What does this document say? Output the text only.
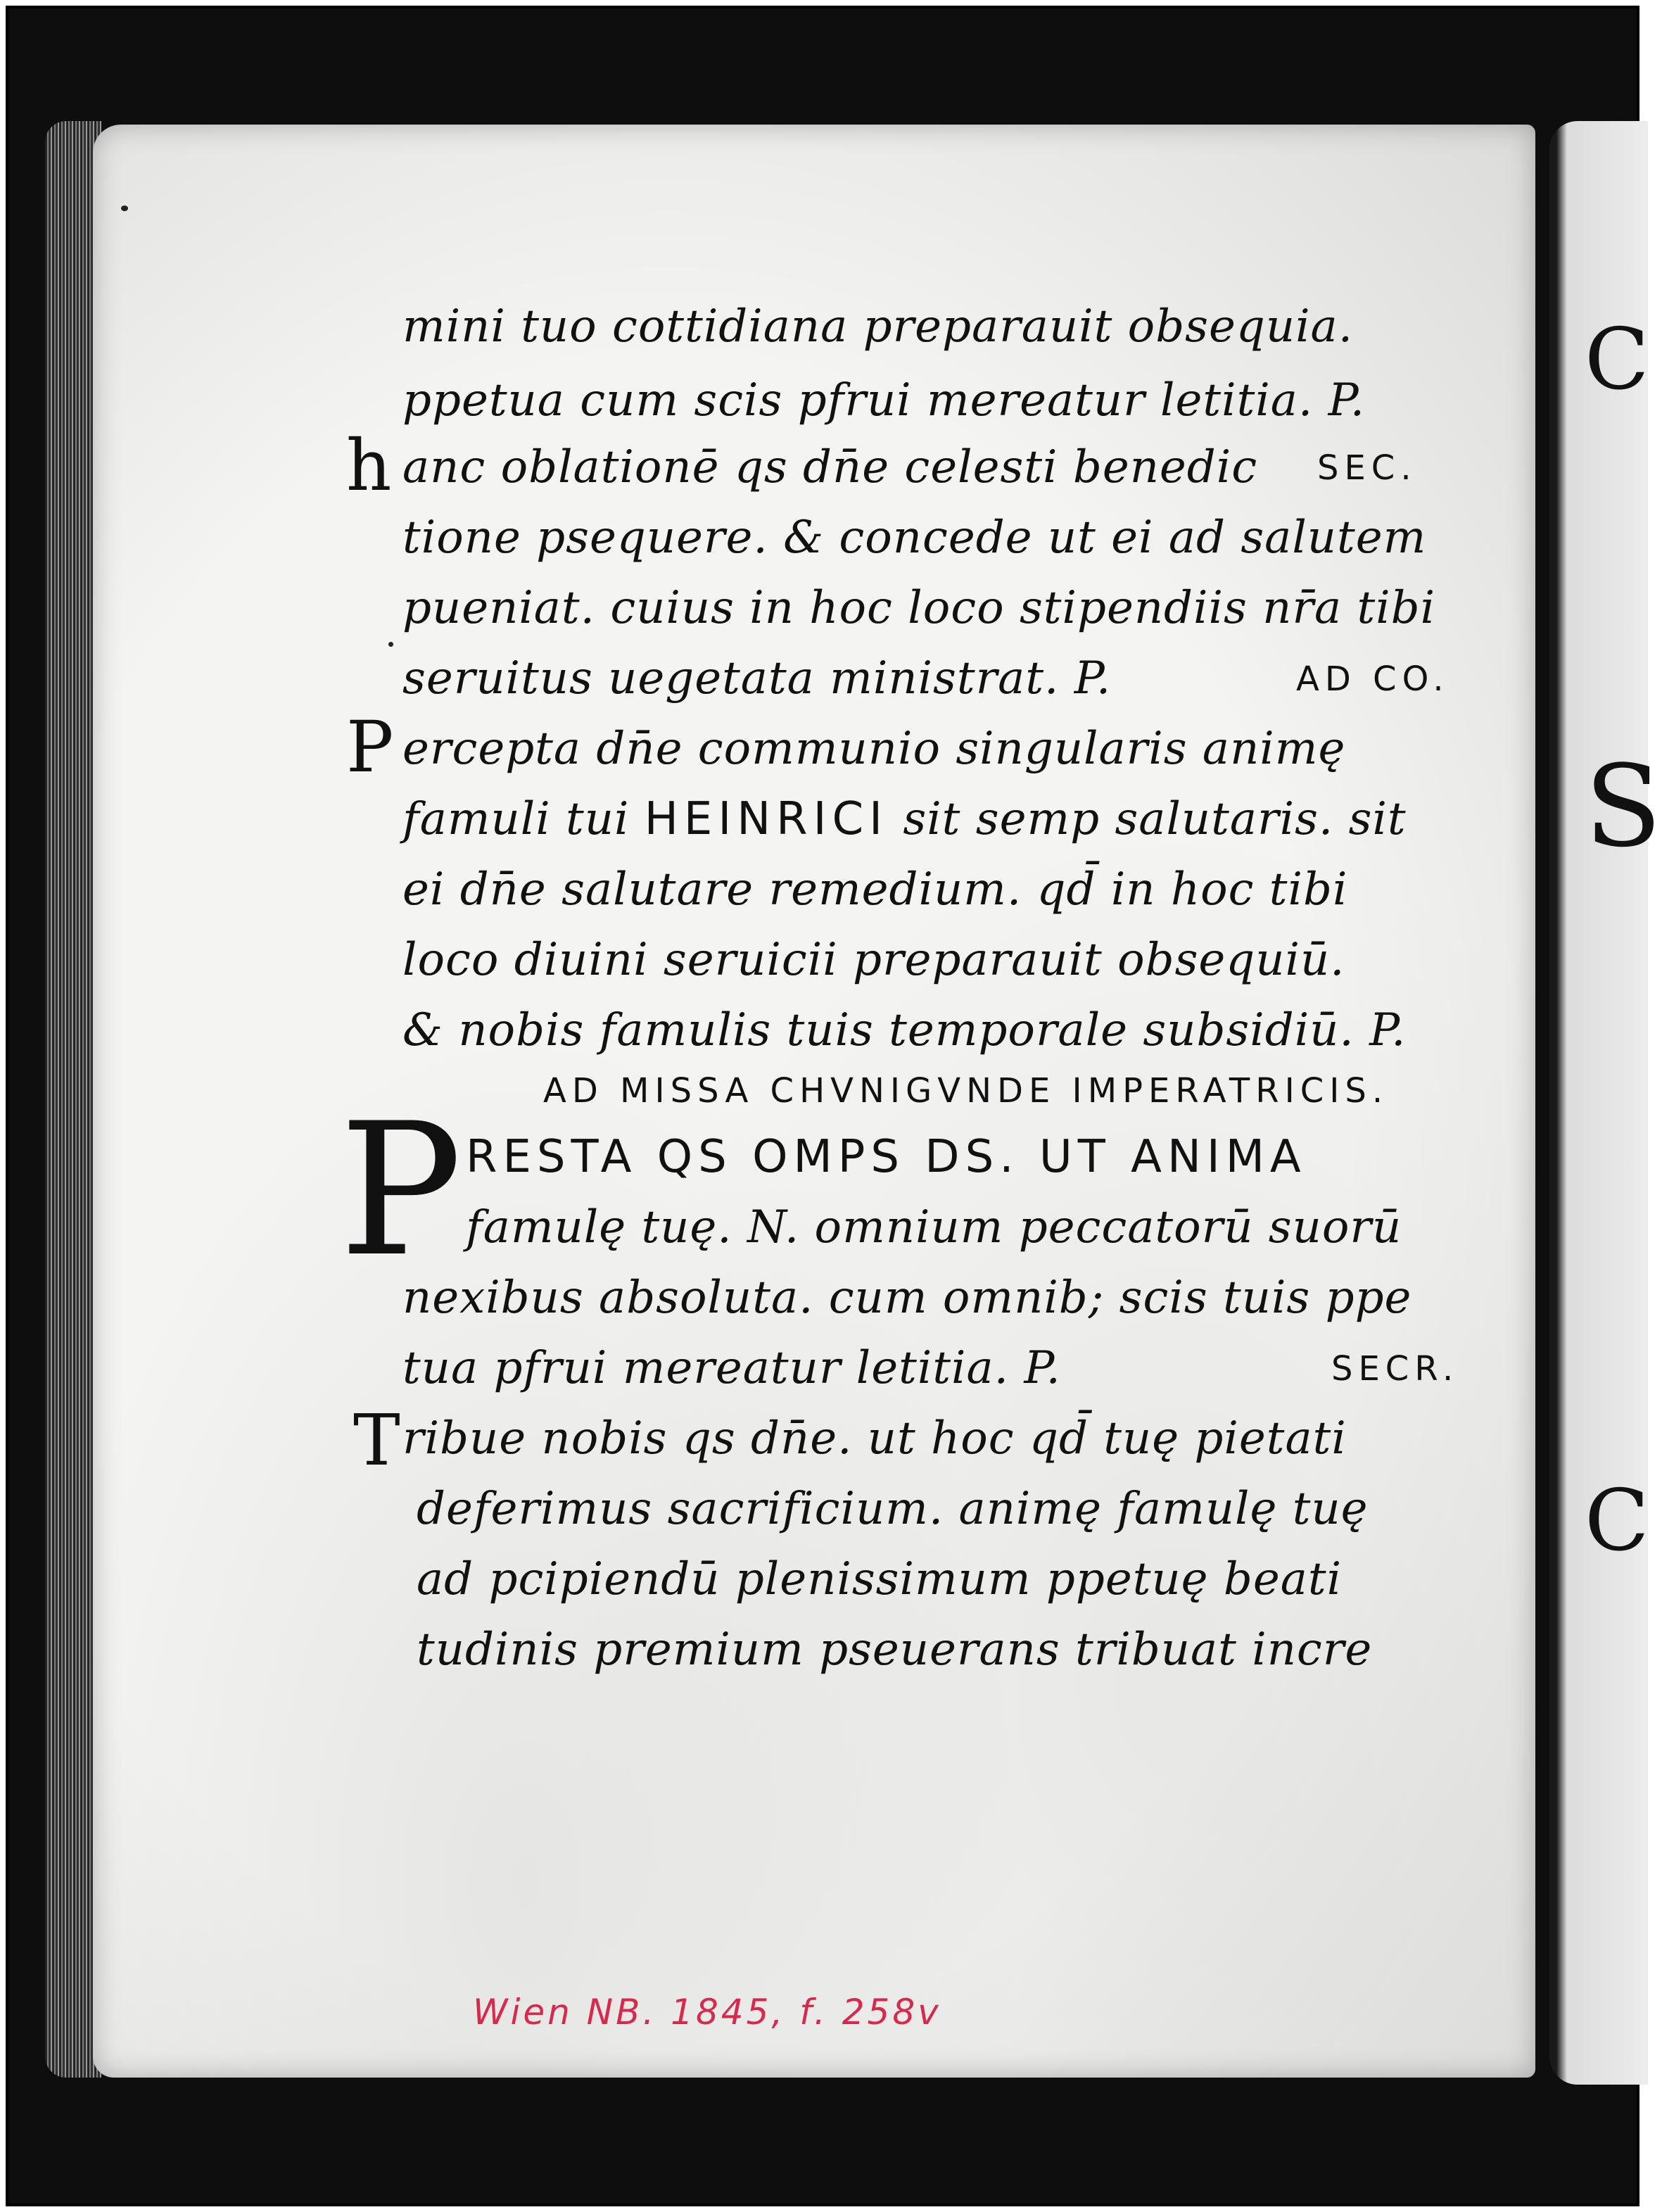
C
S
C
mini tuo cottidiana preparauit obsequia.
ppetua cum scis pfrui mereatur letitia. P.
h anc oblationē qs dn̄e celesti benedic SEC.
tione psequere. & concede ut ei ad salutem
pueniat. cuius in hoc loco stipendiis nr̄a tibi
seruitus uegetata ministrat. P.	AD CO.
P ercepta dn̄e communio singularis animę
famuli tui HEINRICI sit semp salutaris. sit
ei dn̄e salutare remedium. qd̄ in hoc tibi
loco diuini seruicii preparauit obsequiū.
& nobis famulis tuis temporale subsidiū. P.
AD MISSA CHVNIGVNDE IMPERATRICIS.
P RESTA QS OMPS DS. UT ANIMA
famulę tuę. N. omnium peccatorū suorū
nexibus absoluta. cum omnib; scis tuis ppe
tua pfrui mereatur letitia. P.	SECR.
T ribue nobis qs dn̄e. ut hoc qd̄ tuę pietati
deferimus sacrificium. animę famulę tuę
ad pcipiendū plenissimum ppetuę beati
tudinis premium pseuerans tribuat incre
Wien NB. 1845, f. 258v
